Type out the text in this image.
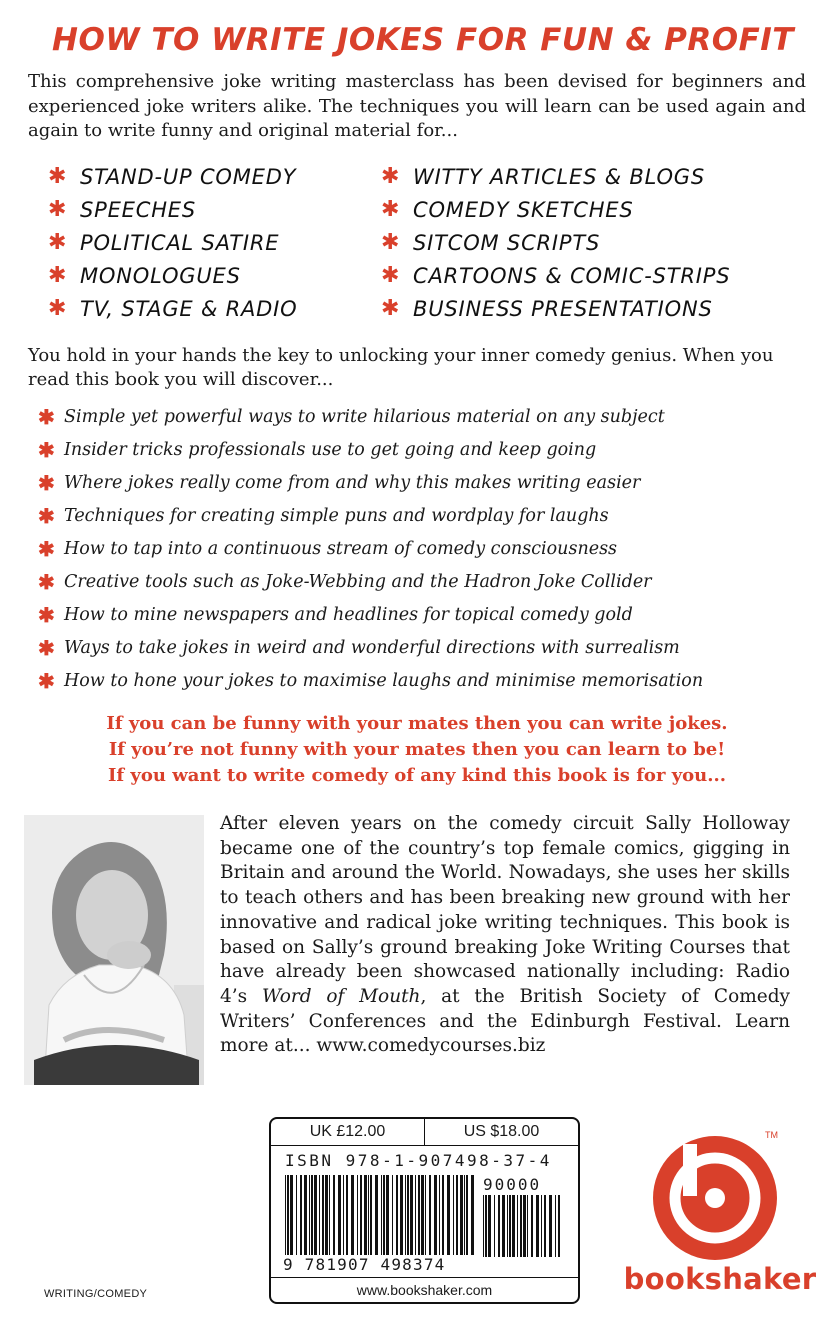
HOW TO WRITE JOKES FOR FUN & PROFIT
This comprehensive joke writing masterclass has been devised for beginners and experienced joke writers alike. The techniques you will learn can be used again and again to write funny and original material for...
✱ STAND-UP COMEDY
✱ SPEECHES
✱ POLITICAL SATIRE
✱ MONOLOGUES
✱ TV, STAGE & RADIO
✱ WITTY ARTICLES & BLOGS
✱ COMEDY SKETCHES
✱ SITCOM SCRIPTS
✱ CARTOONS & COMIC-STRIPS
✱ BUSINESS PRESENTATIONS
You hold in your hands the key to unlocking your inner comedy genius. When you read this book you will discover...
✱ Simple yet powerful ways to write hilarious material on any subject
✱ Insider tricks professionals use to get going and keep going
✱ Where jokes really come from and why this makes writing easier
✱ Techniques for creating simple puns and wordplay for laughs
✱ How to tap into a continuous stream of comedy consciousness
✱ Creative tools such as Joke-Webbing and the Hadron Joke Collider
✱ How to mine newspapers and headlines for topical comedy gold
✱ Ways to take jokes in weird and wonderful directions with surrealism
✱ How to hone your jokes to maximise laughs and minimise memorisation
If you can be funny with your mates then you can write jokes.
If you’re not funny with your mates then you can learn to be!
If you want to write comedy of any kind this book is for you...
After eleven years on the comedy circuit Sally Holloway became one of the country’s top female comics, gigging in Britain and around the World. Nowadays, she uses her skills to teach others and has been breaking new ground with her innovative and radical joke writing techniques. This book is based on Sally’s ground breaking Joke Writing Courses that have already been showcased nationally including: Radio 4’s Word of Mouth, at the British Society of Comedy Writers’ Conferences and the Edinburgh Festival. Learn more at... www.comedycourses.biz
UK £12.00	US $18.00
ISBN 978-1-907498-37-4
90000
9 781907 498374
www.bookshaker.com
TM
bookshaker
WRITING/COMEDY
